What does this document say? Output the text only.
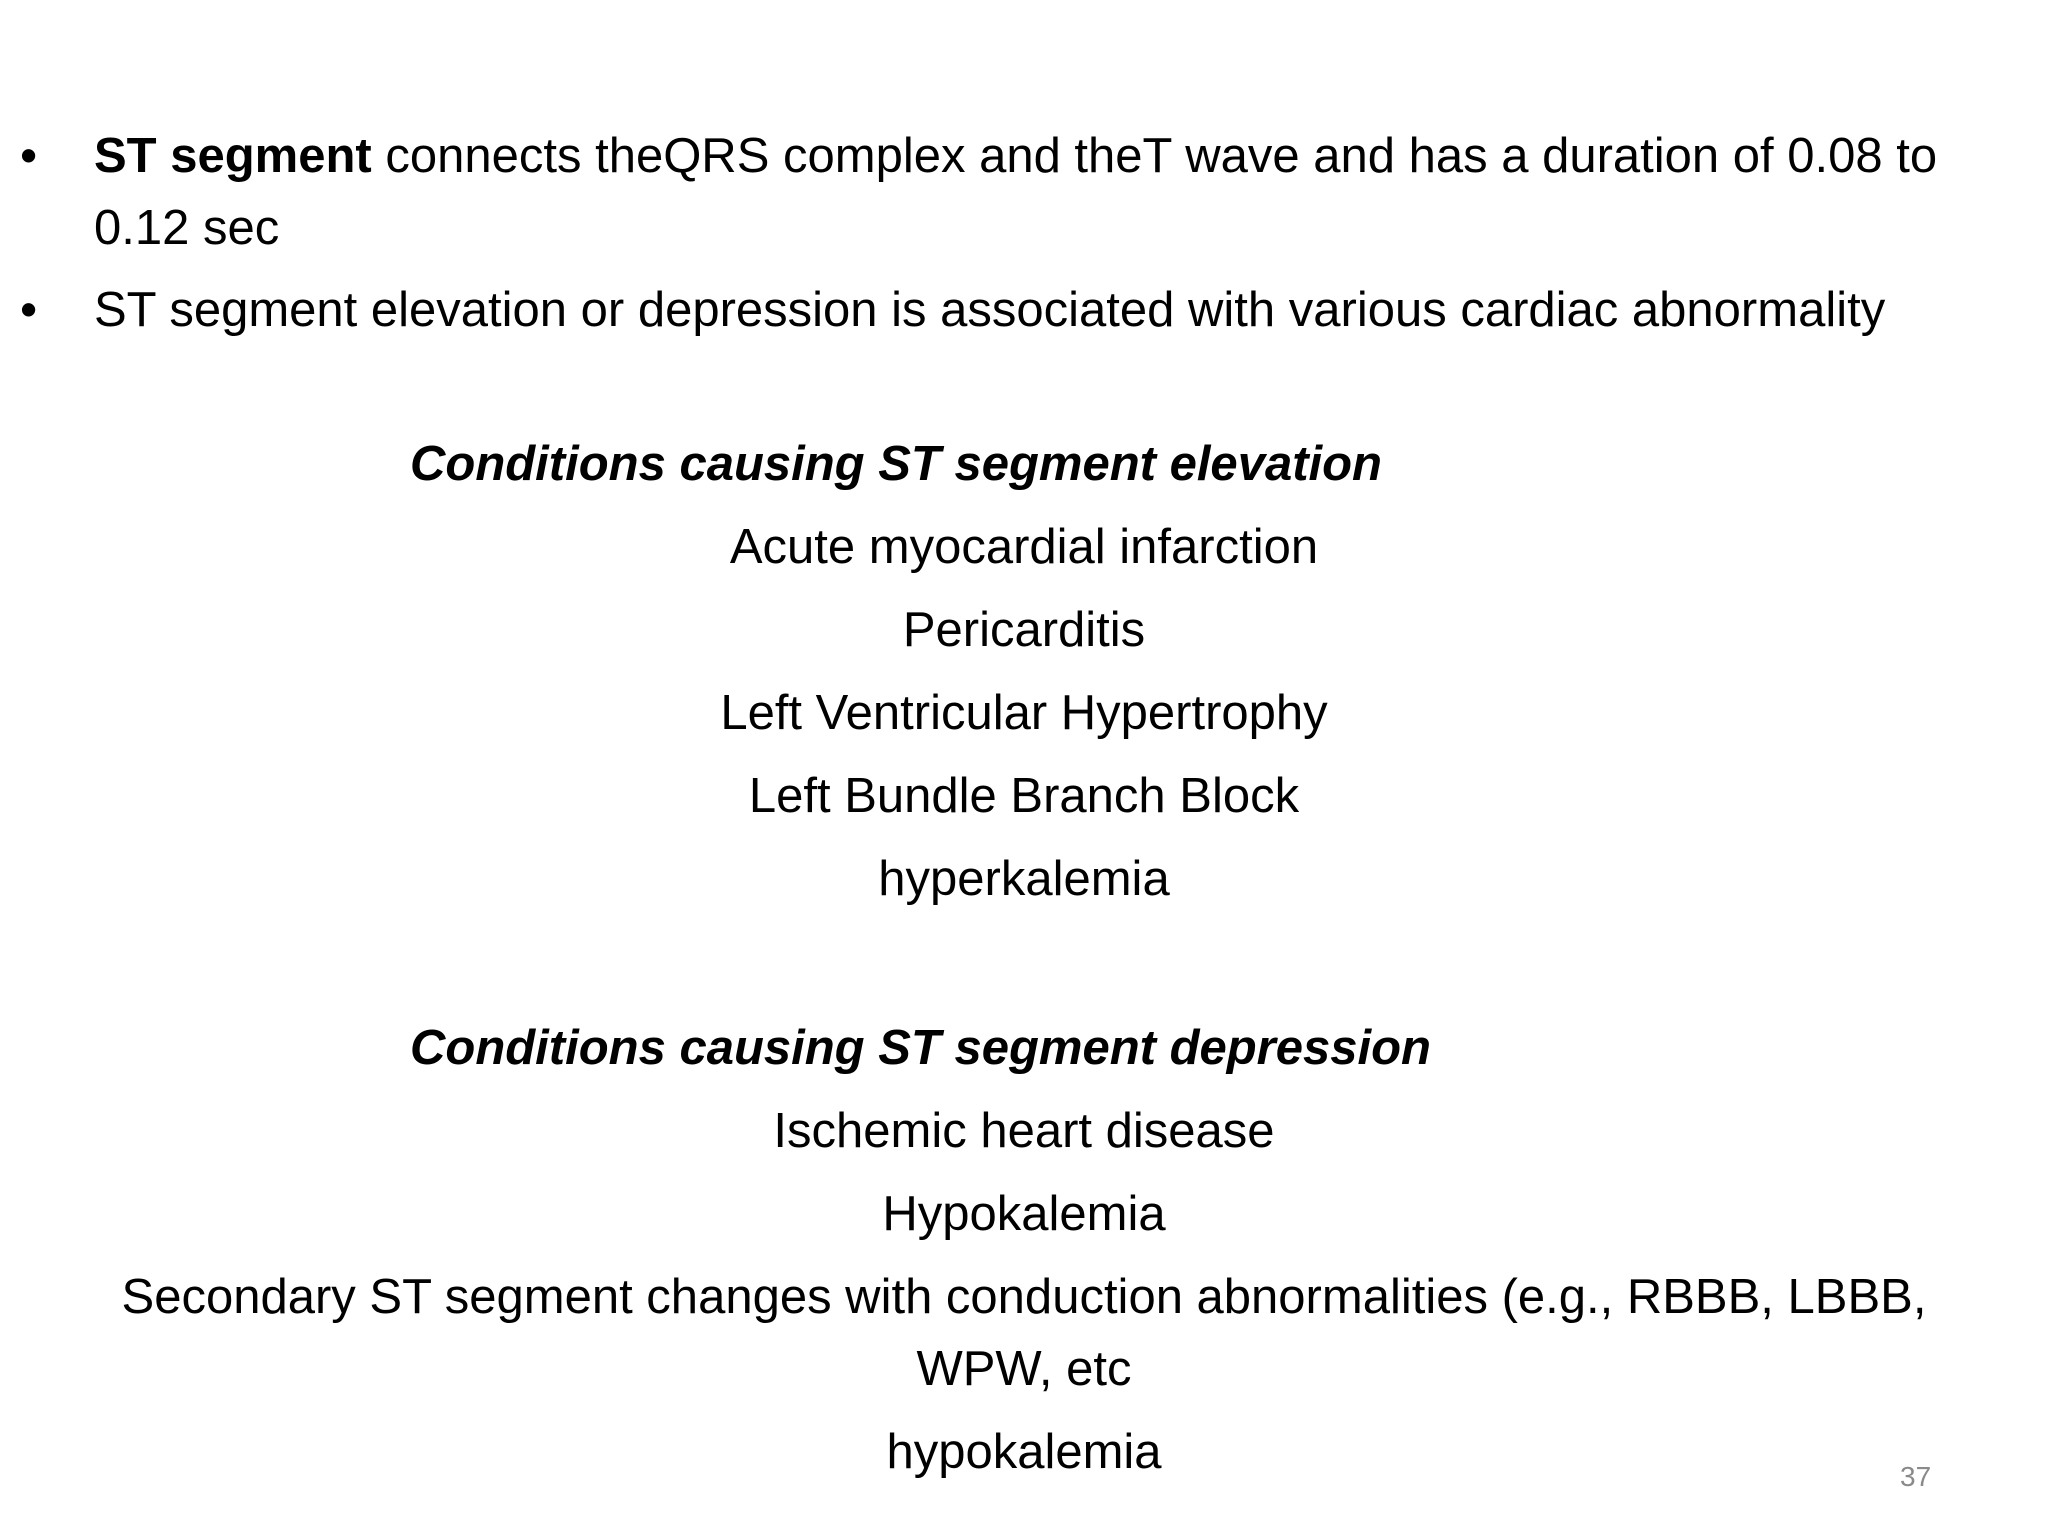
• ST segment connects theQRS complex and theT wave and has a duration of 0.08 to 0.12 sec
• ST segment elevation or depression is associated with various cardiac abnormality
Conditions causing ST segment elevation
Acute myocardial infarction
Pericarditis
Left Ventricular Hypertrophy
Left Bundle Branch Block
hyperkalemia
Conditions causing ST segment depression
Ischemic heart disease
Hypokalemia
Secondary ST segment changes with conduction abnormalities (e.g., RBBB, LBBB, WPW, etc
hypokalemia	37
